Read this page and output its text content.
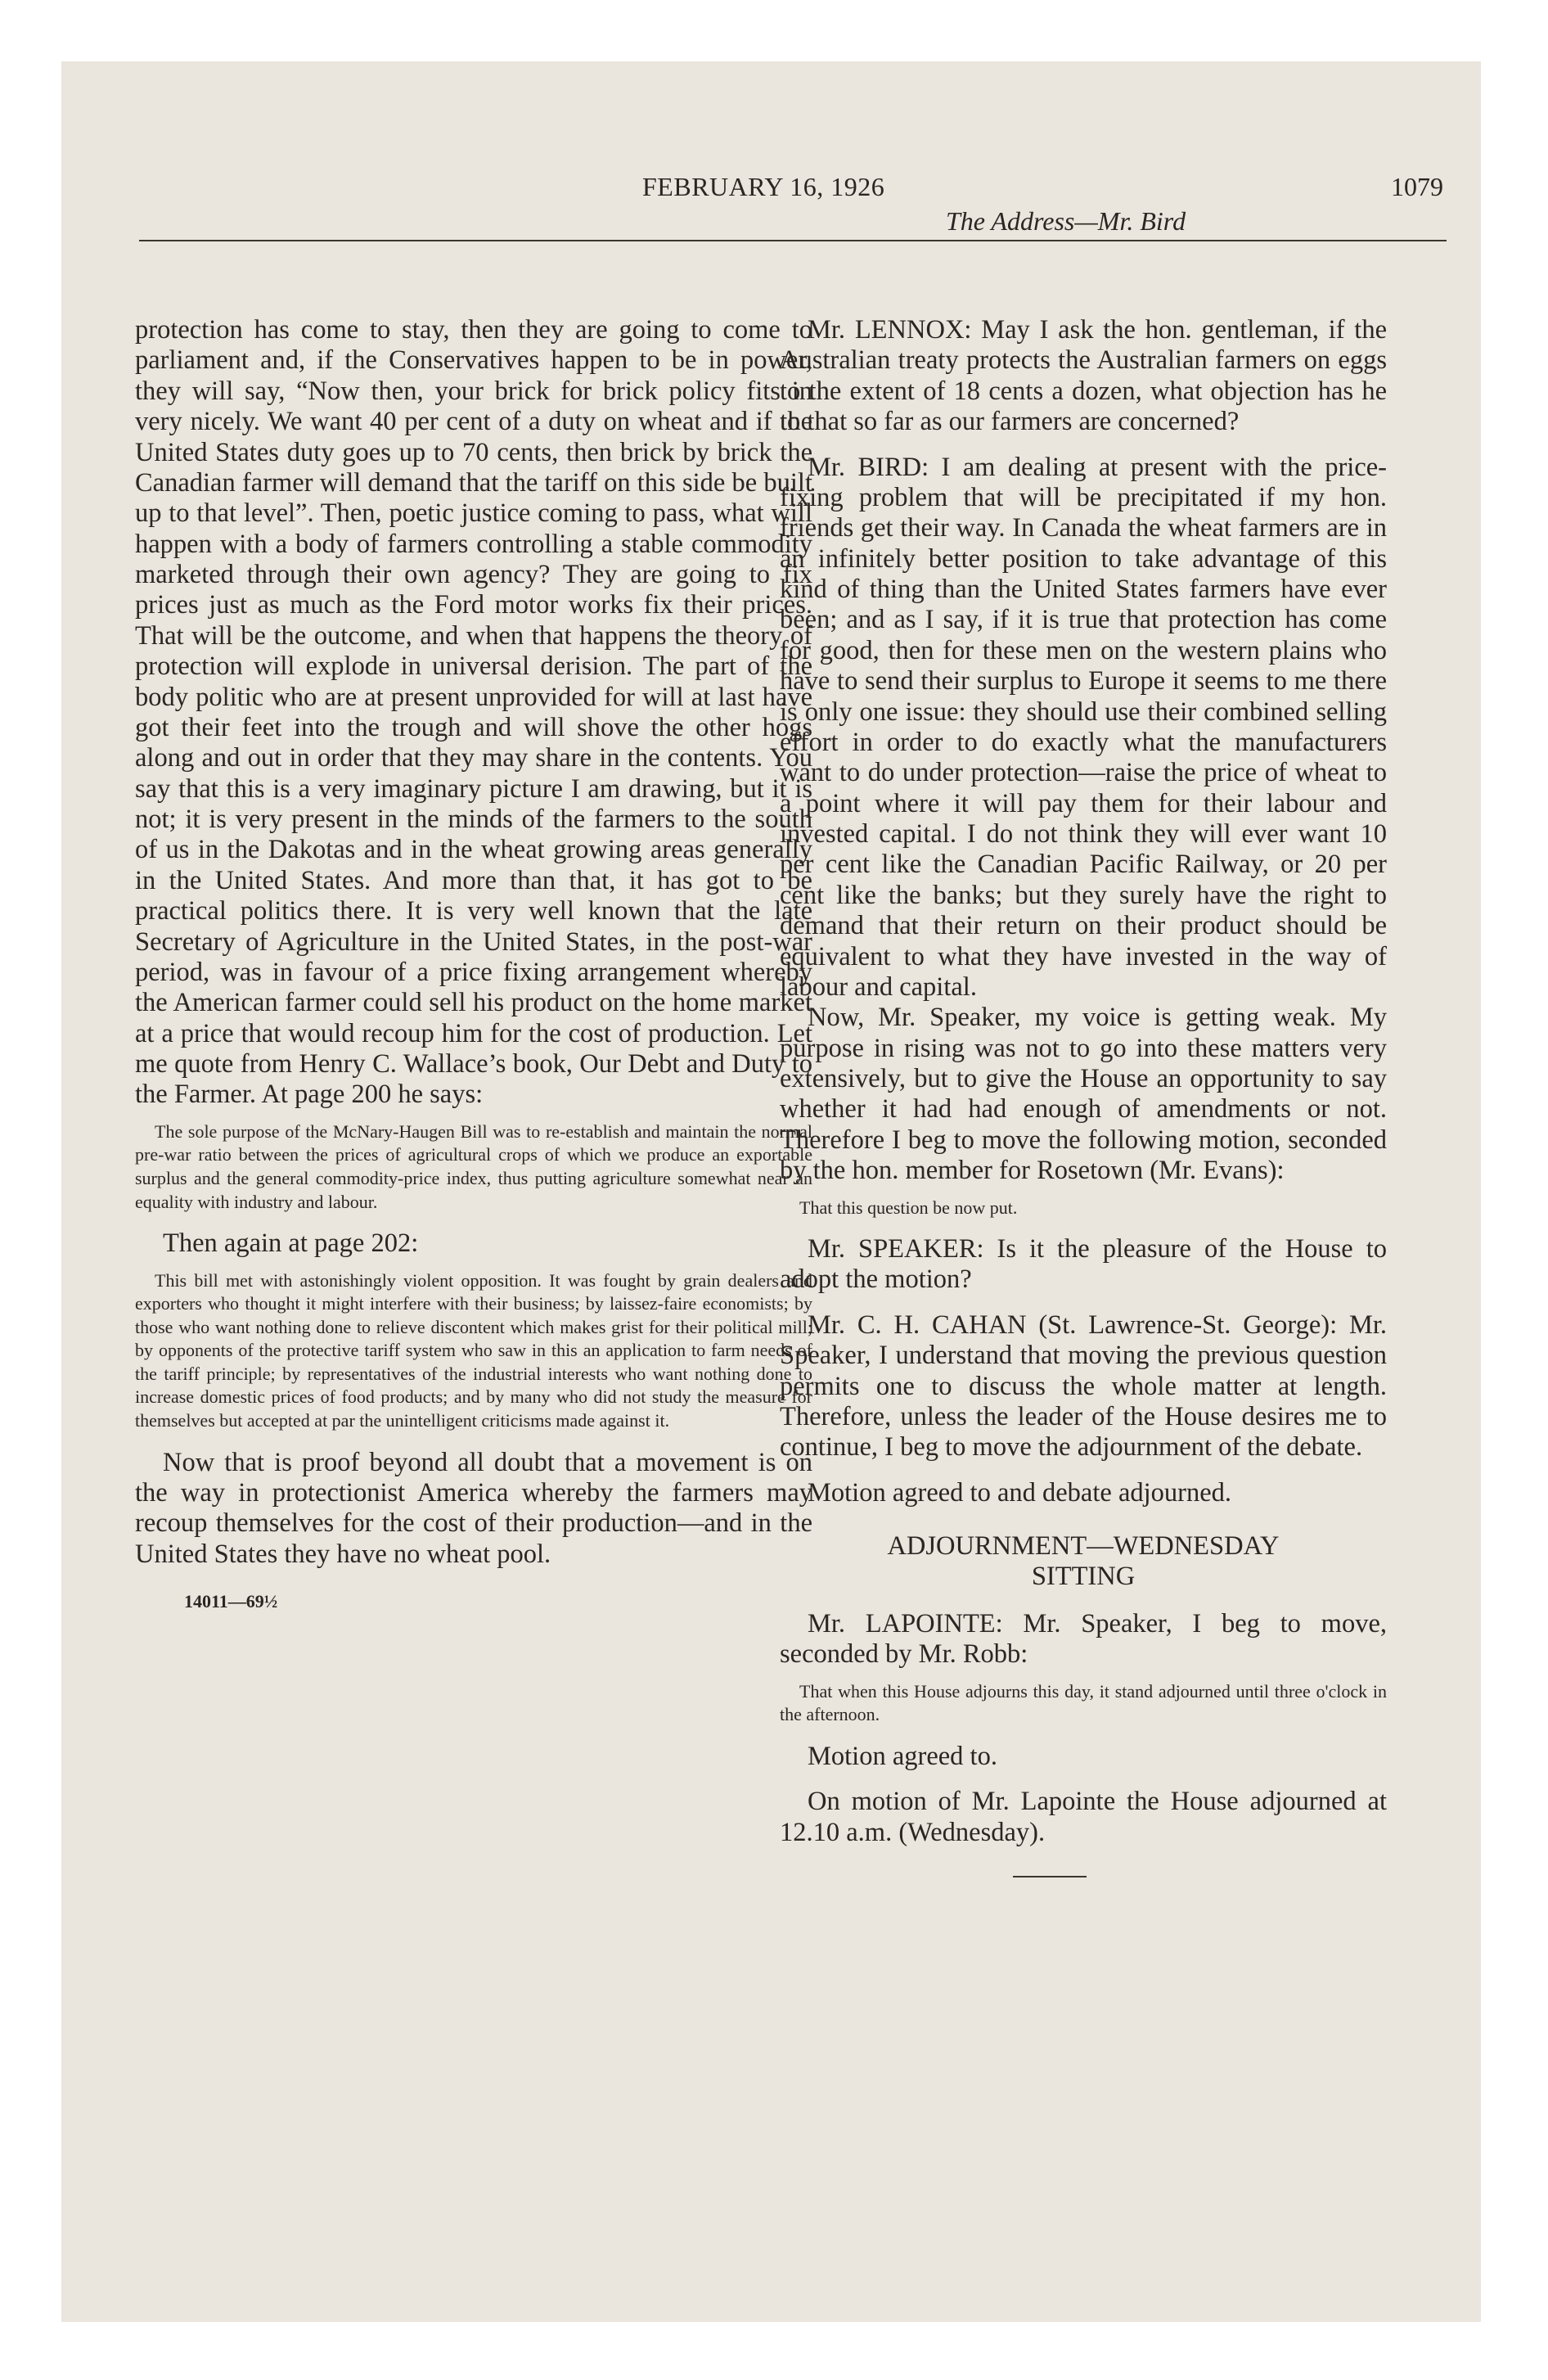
FEBRUARY 16, 1926	1079
The Address—Mr. Bird

protection has come to stay, then they are going to come to parliament and, if the Conservatives happen to be in power, they will say, “Now then, your brick for brick policy fits in very nicely. We want 40 per cent of a duty on wheat and if the United States duty goes up to 70 cents, then brick by brick the Canadian farmer will demand that the tariff on this side be built up to that level”. Then, poetic justice coming to pass, what will happen with a body of farmers controlling a stable commodity marketed through their own agency? They are going to fix prices just as much as the Ford motor works fix their prices. That will be the outcome, and when that happens the theory of protection will explode in universal derision. The part of the body politic who are at present unprovided for will at last have got their feet into the trough and will shove the other hogs along and out in order that they may share in the contents. You say that this is a very imaginary picture I am drawing, but it is not; it is very present in the minds of the farmers to the south of us in the Dakotas and in the wheat growing areas generally in the United States. And more than that, it has got to be practical politics there. It is very well known that the late Secretary of Agriculture in the United States, in the post-war period, was in favour of a price fixing arrangement whereby the American farmer could sell his product on the home market at a price that would recoup him for the cost of production. Let me quote from Henry C. Wallace’s book, Our Debt and Duty to the Farmer. At page 200 he says:

The sole purpose of the McNary-Haugen Bill was to re-establish and maintain the normal pre-war ratio between the prices of agricultural crops of which we produce an exportable surplus and the general commodity-price index, thus putting agriculture somewhat near an equality with industry and labour.

Then again at page 202:

This bill met with astonishingly violent opposition. It was fought by grain dealers and exporters who thought it might interfere with their business; by laissez-faire economists; by those who want nothing done to relieve discontent which makes grist for their political mill; by opponents of the protective tariff system who saw in this an application to farm needs of the tariff principle; by representatives of the industrial interests who want nothing done to increase domestic prices of food products; and by many who did not study the measure for themselves but accepted at par the unintelligent criticisms made against it.

Now that is proof beyond all doubt that a movement is on the way in protectionist America whereby the farmers may recoup themselves for the cost of their production—and in the United States they have no wheat pool.

14011—69½

Mr. LENNOX: May I ask the hon. gentleman, if the Australian treaty protects the Australian farmers on eggs to the extent of 18 cents a dozen, what objection has he to that so far as our farmers are concerned?

Mr. BIRD: I am dealing at present with the price-fixing problem that will be precipitated if my hon. friends get their way. In Canada the wheat farmers are in an infinitely better position to take advantage of this kind of thing than the United States farmers have ever been; and as I say, if it is true that protection has come for good, then for these men on the western plains who have to send their surplus to Europe it seems to me there is only one issue: they should use their combined selling effort in order to do exactly what the manufacturers want to do under protection—raise the price of wheat to a point where it will pay them for their labour and invested capital. I do not think they will ever want 10 per cent like the Canadian Pacific Railway, or 20 per cent like the banks; but they surely have the right to demand that their return on their product should be equivalent to what they have invested in the way of labour and capital.

Now, Mr. Speaker, my voice is getting weak. My purpose in rising was not to go into these matters very extensively, but to give the House an opportunity to say whether it had had enough of amendments or not. Therefore I beg to move the following motion, seconded by the hon. member for Rosetown (Mr. Evans):

That this question be now put.

Mr. SPEAKER: Is it the pleasure of the House to adopt the motion?

Mr. C. H. CAHAN (St. Lawrence-St. George): Mr. Speaker, I understand that moving the previous question permits one to discuss the whole matter at length. Therefore, unless the leader of the House desires me to continue, I beg to move the adjournment of the debate.

Motion agreed to and debate adjourned.

ADJOURNMENT—WEDNESDAY
SITTING

Mr. LAPOINTE: Mr. Speaker, I beg to move, seconded by Mr. Robb:

That when this House adjourns this day, it stand adjourned until three o'clock in the afternoon.

Motion agreed to.

On motion of Mr. Lapointe the House adjourned at 12.10 a.m. (Wednesday).
